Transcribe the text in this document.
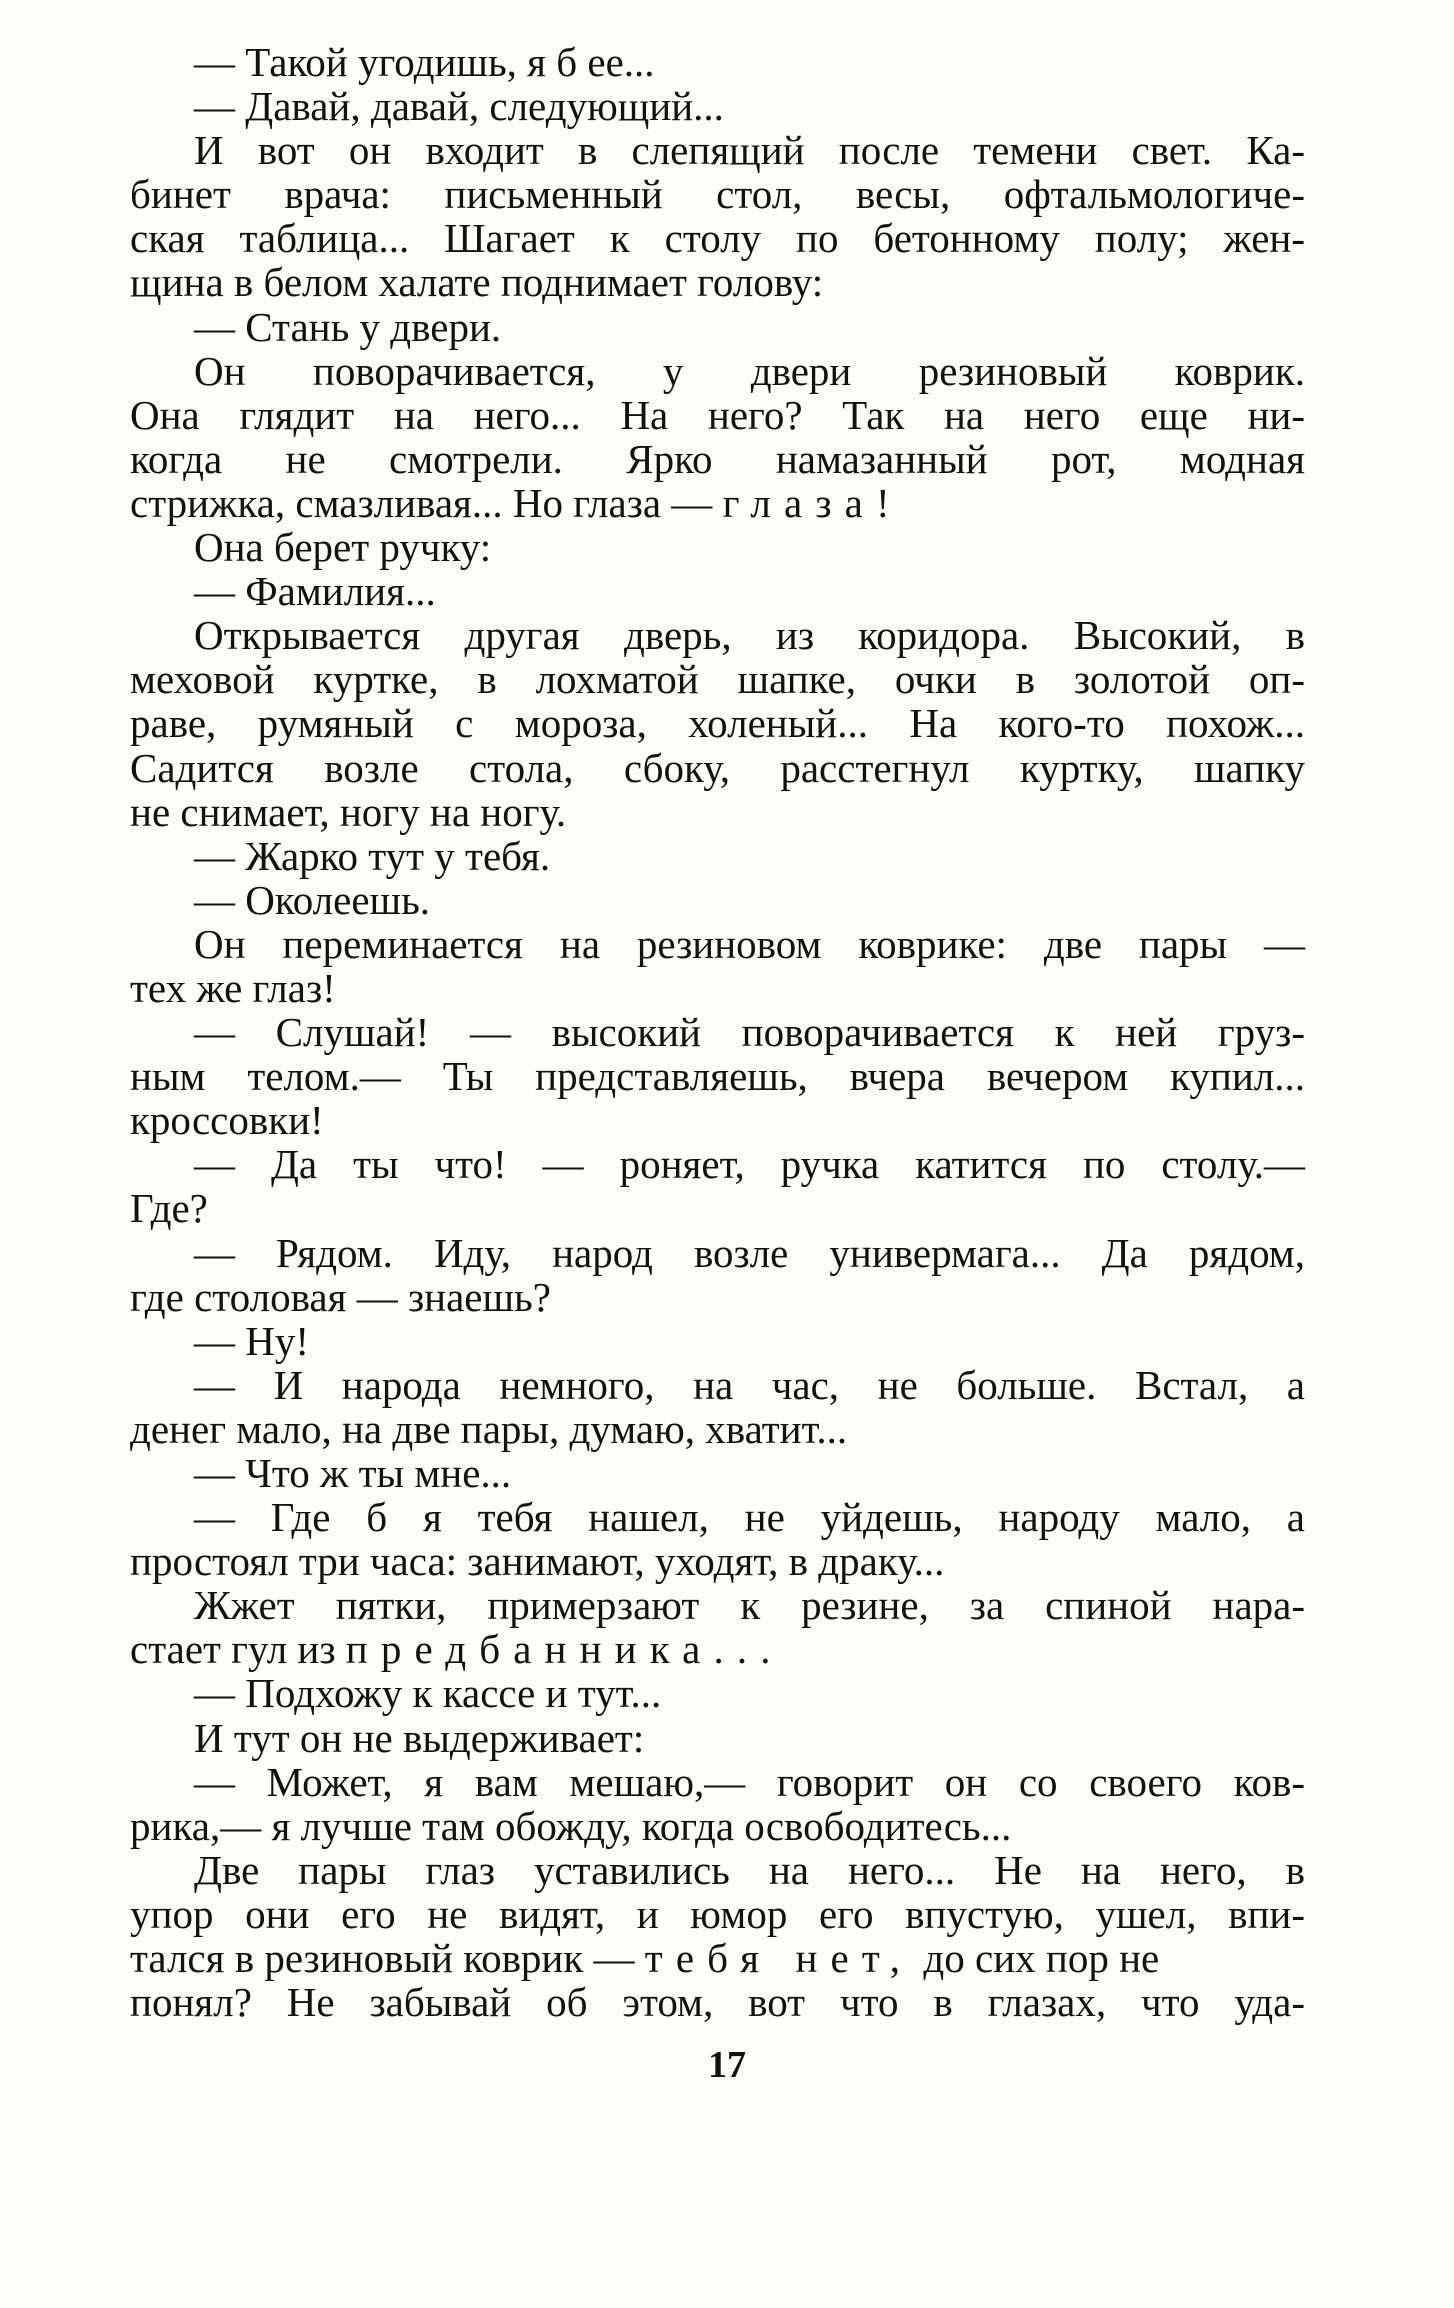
— Такой угодишь, я б ее...
— Давай, давай, следующий...
И вот он входит в слепящий после темени свет. Ка-
бинет врача: письменный стол, весы, офтальмологиче-
ская таблица... Шагает к столу по бетонному полу; жен-
щина в белом халате поднимает голову:
— Стань у двери.
Он поворачивается, у двери резиновый коврик.
Она глядит на него... На него? Так на него еще ни-
когда не смотрели. Ярко намазанный рот, модная
стрижка, смазливая... Но глаза — глаза!
Она берет ручку:
— Фамилия...
Открывается другая дверь, из коридора. Высокий, в
меховой куртке, в лохматой шапке, очки в золотой оп-
раве, румяный с мороза, холеный... На кого-то похож...
Садится возле стола, сбоку, расстегнул куртку, шапку
не снимает, ногу на ногу.
— Жарко тут у тебя.
— Околеешь.
Он переминается на резиновом коврике: две пары —
тех же глаз!
— Слушай! — высокий поворачивается к ней груз-
ным телом.— Ты представляешь, вчера вечером купил...
кроссовки!
— Да ты что! — роняет, ручка катится по столу.—
Где?
— Рядом. Иду, народ возле универмага... Да рядом,
где столовая — знаешь?
— Ну!
— И народа немного, на час, не больше. Встал, а
денег мало, на две пары, думаю, хватит...
— Что ж ты мне...
— Где б я тебя нашел, не уйдешь, народу мало, а
простоял три часа: занимают, уходят, в драку...
Жжет пятки, примерзают к резине, за спиной нара-
стает гул из предбанника...
— Подхожу к кассе и тут...
И тут он не выдерживает:
— Может, я вам мешаю,— говорит он со своего ков-
рика,— я лучше там обожду, когда освободитесь...
Две пары глаз уставились на него... Не на него, в
упор они его не видят, и юмор его впустую, ушел, впи-
тался в резиновый коврик — тебя нет, до сих пор не
понял? Не забывай об этом, вот что в глазах, что уда-
17
